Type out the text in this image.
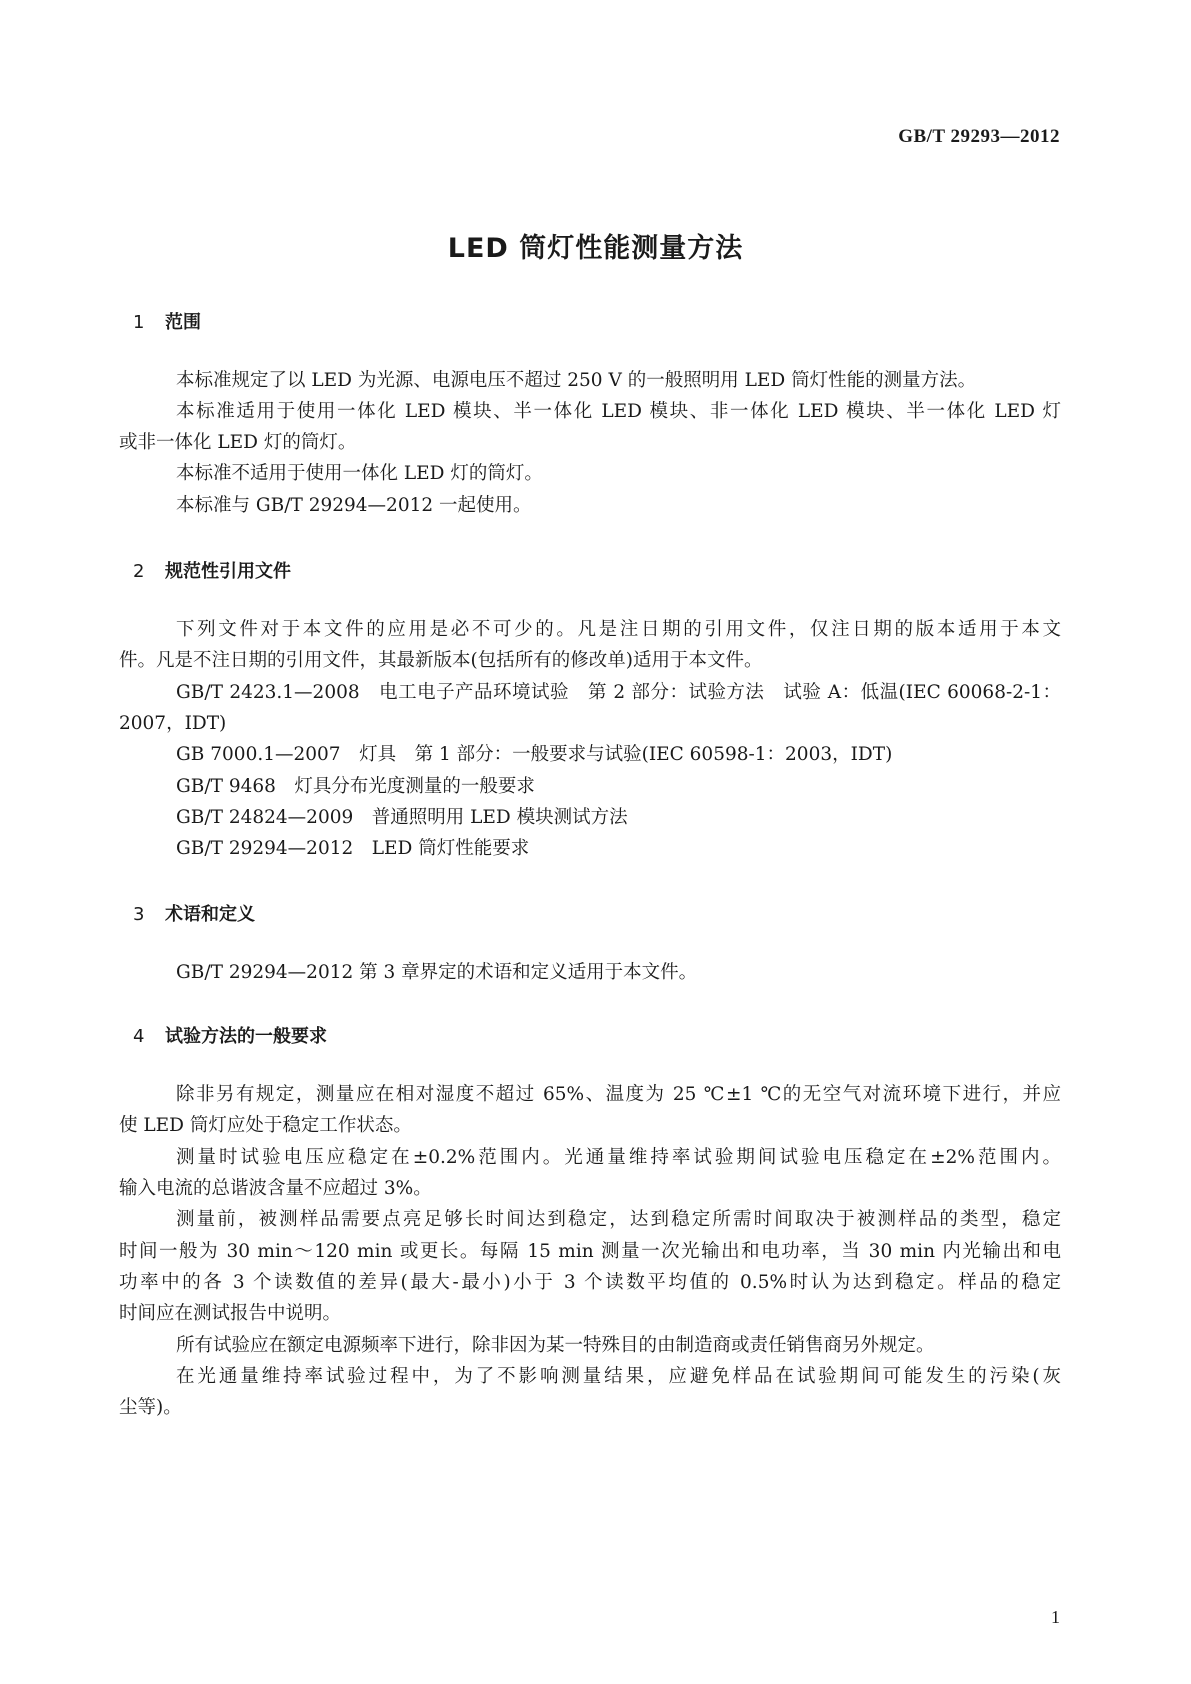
GB/T 29293—2012
LED 筒灯性能测量方法
1 范围
本标准规定了以 LED 为光源、电源电压不超过 250 V 的一般照明用 LED 筒灯性能的测量方法。
本标准适用于使用一体化 LED 模块、半一体化 LED 模块、非一体化 LED 模块、半一体化 LED 灯
或非一体化 LED 灯的筒灯。
本标准不适用于使用一体化 LED 灯的筒灯。
本标准与 GB/T 29294—2012 一起使用。
2 规范性引用文件
下列文件对于本文件的应用是必不可少的。凡是注日期的引用文件，仅注日期的版本适用于本文
件。凡是不注日期的引用文件，其最新版本(包括所有的修改单)适用于本文件。
GB/T 2423.1—2008　电工电子产品环境试验　第 2 部分：试验方法　试验 A：低温(IEC 60068-2-1：
2007，IDT)
GB 7000.1—2007　灯具　第 1 部分：一般要求与试验(IEC 60598-1：2003，IDT)
GB/T 9468　灯具分布光度测量的一般要求
GB/T 24824—2009　普通照明用 LED 模块测试方法
GB/T 29294—2012　LED 筒灯性能要求
3 术语和定义
GB/T 29294—2012 第 3 章界定的术语和定义适用于本文件。
4 试验方法的一般要求
除非另有规定，测量应在相对湿度不超过 65%、温度为 25 ℃±1 ℃的无空气对流环境下进行，并应
使 LED 筒灯应处于稳定工作状态。
测量时试验电压应稳定在±0.2%范围内。光通量维持率试验期间试验电压稳定在±2%范围内。
输入电流的总谐波含量不应超过 3%。
测量前，被测样品需要点亮足够长时间达到稳定，达到稳定所需时间取决于被测样品的类型，稳定
时间一般为 30 min～120 min 或更长。每隔 15 min 测量一次光输出和电功率，当 30 min 内光输出和电
功率中的各 3 个读数值的差异(最大-最小)小于 3 个读数平均值的 0.5%时认为达到稳定。样品的稳定
时间应在测试报告中说明。
所有试验应在额定电源频率下进行，除非因为某一特殊目的由制造商或责任销售商另外规定。
在光通量维持率试验过程中，为了不影响测量结果，应避免样品在试验期间可能发生的污染(灰
尘等)。
1
